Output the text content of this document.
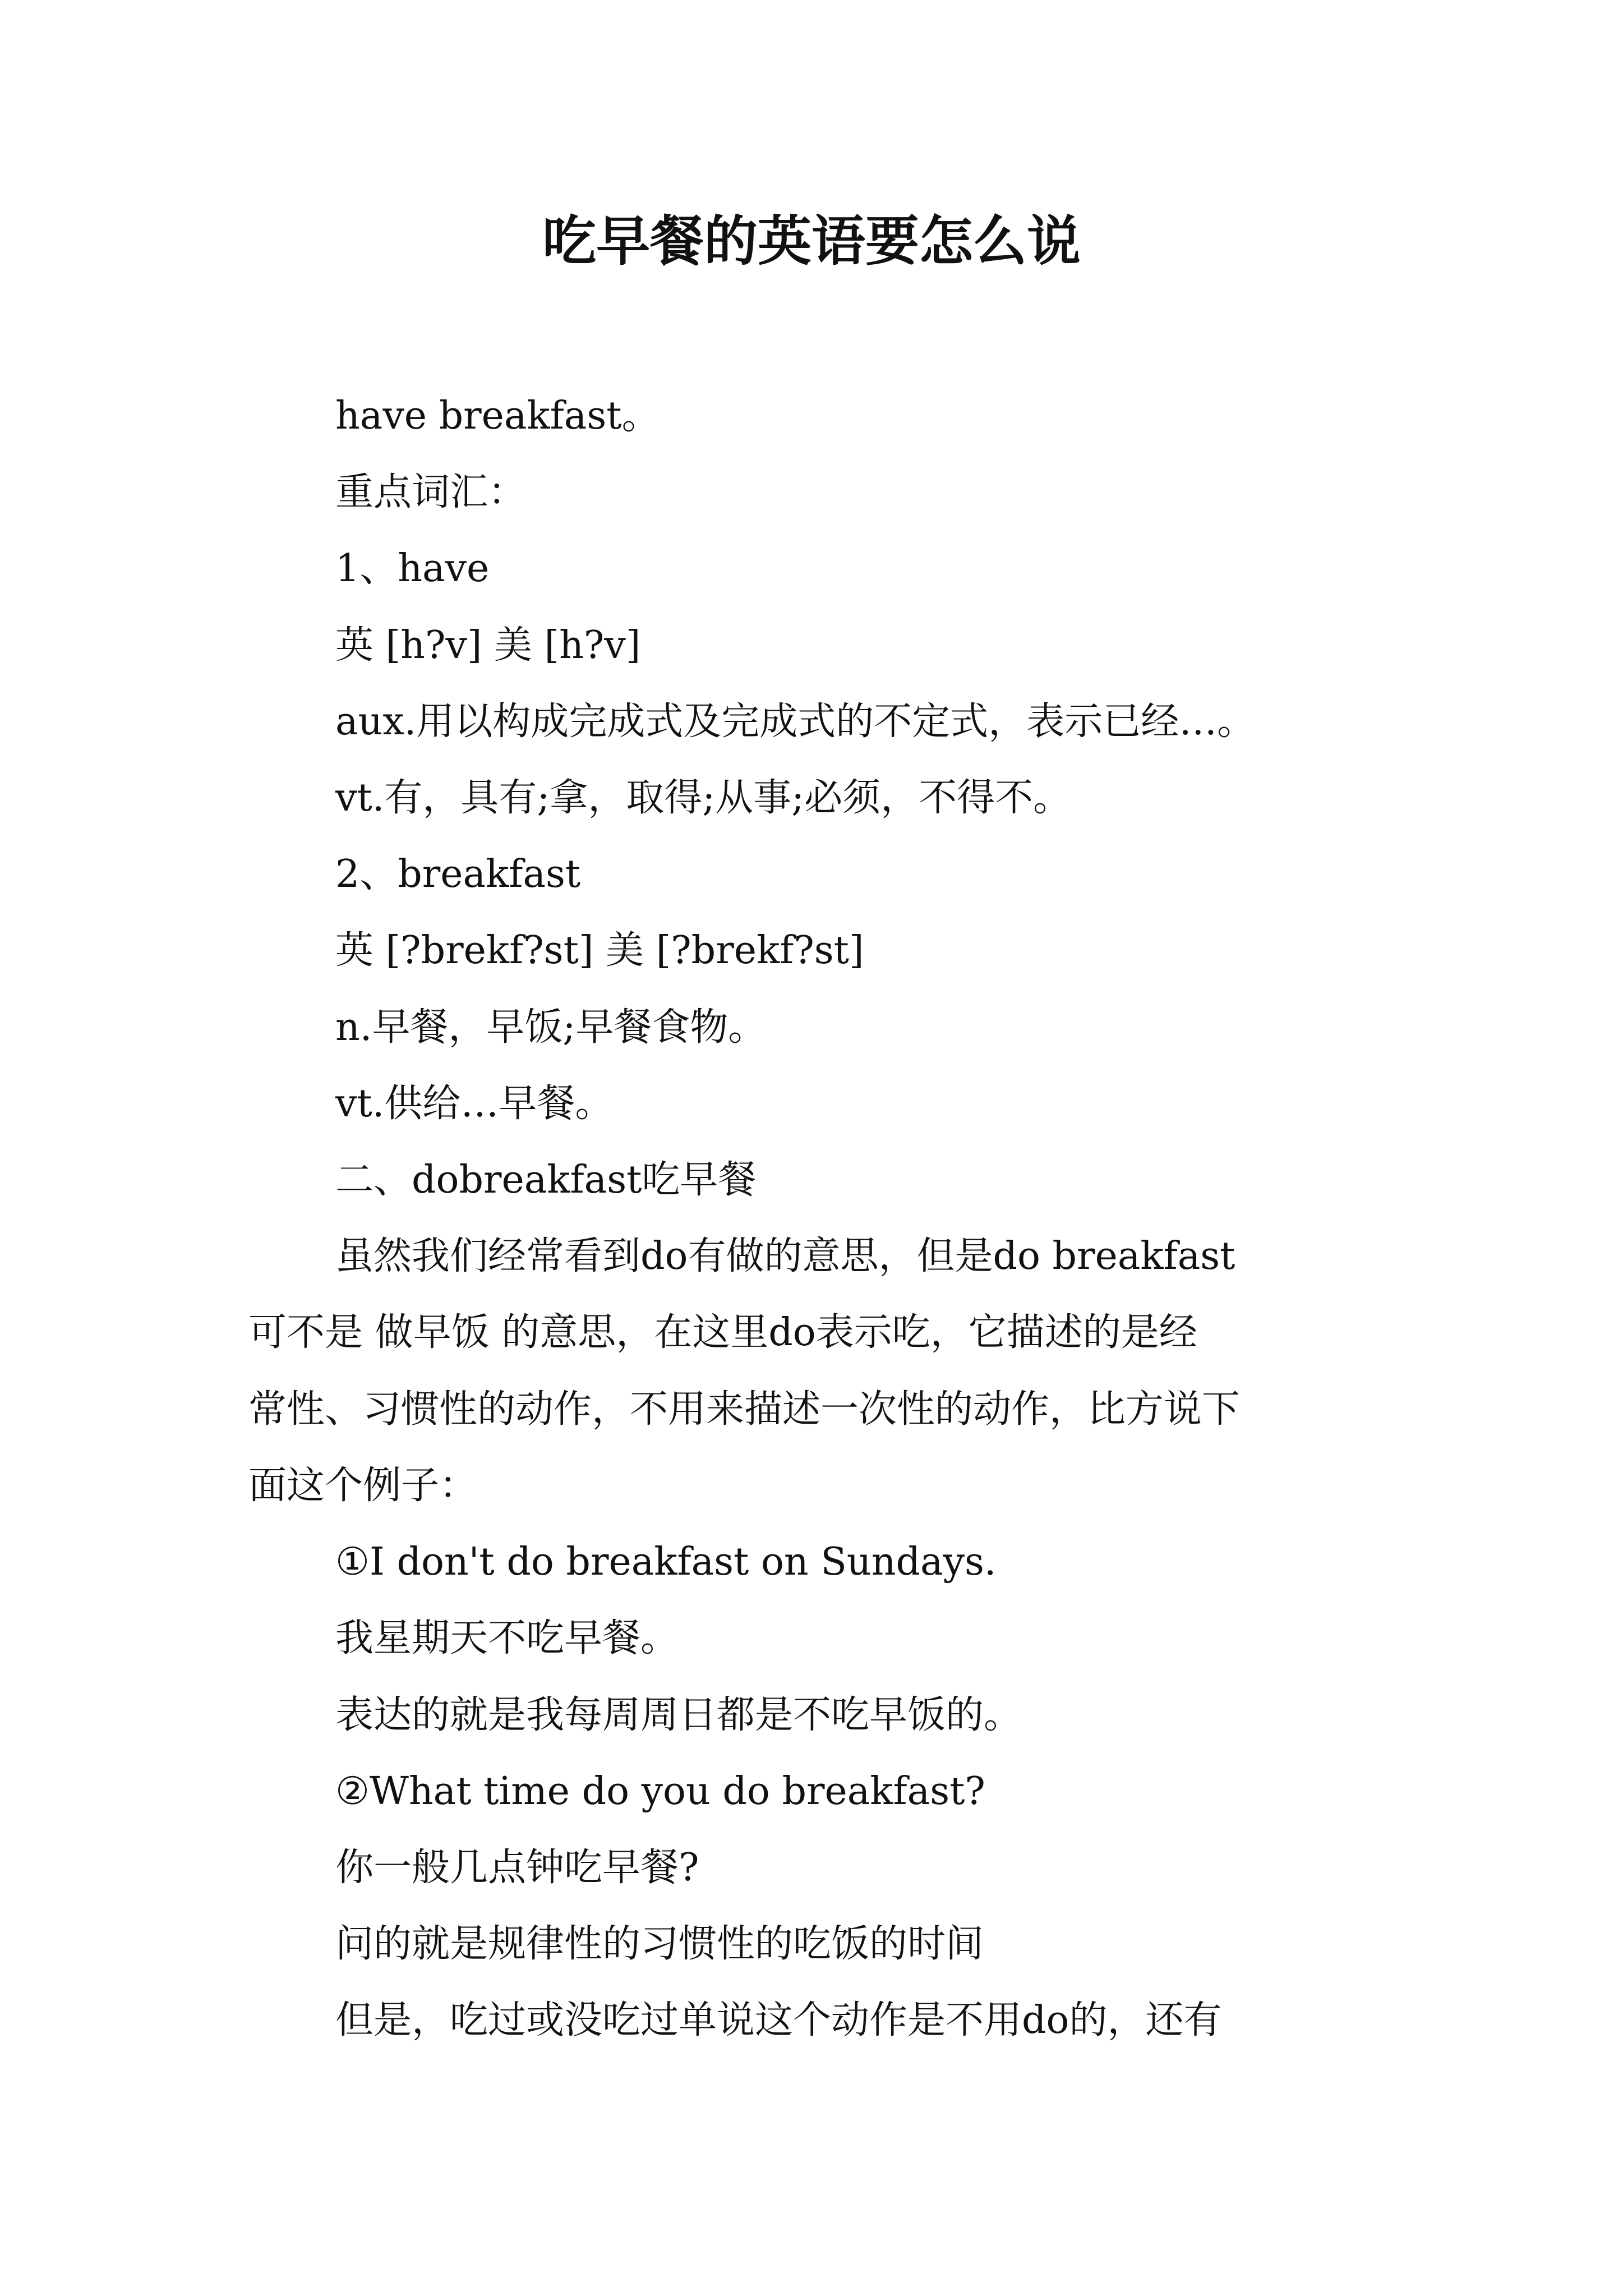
吃早餐的英语要怎么说
have breakfast。
重点词汇：
1、have
英 [h?v] 美 [h?v]
aux.用以构成完成式及完成式的不定式，表示已经…。
vt.有，具有;拿，取得;从事;必须，不得不。
2、breakfast
英 [?brekf?st] 美 [?brekf?st]
n.早餐，早饭;早餐食物。
vt.供给…早餐。
二、dobreakfast吃早餐
虽然我们经常看到do有做的意思，但是do breakfast
可不是 做早饭 的意思，在这里do表示吃，它描述的是经
常性、习惯性的动作，不用来描述一次性的动作，比方说下
面这个例子：
①I don't do breakfast on Sundays.
我星期天不吃早餐。
表达的就是我每周周日都是不吃早饭的。
②What time do you do breakfast?
你一般几点钟吃早餐?
问的就是规律性的习惯性的吃饭的时间
但是，吃过或没吃过单说这个动作是不用do的，还有
